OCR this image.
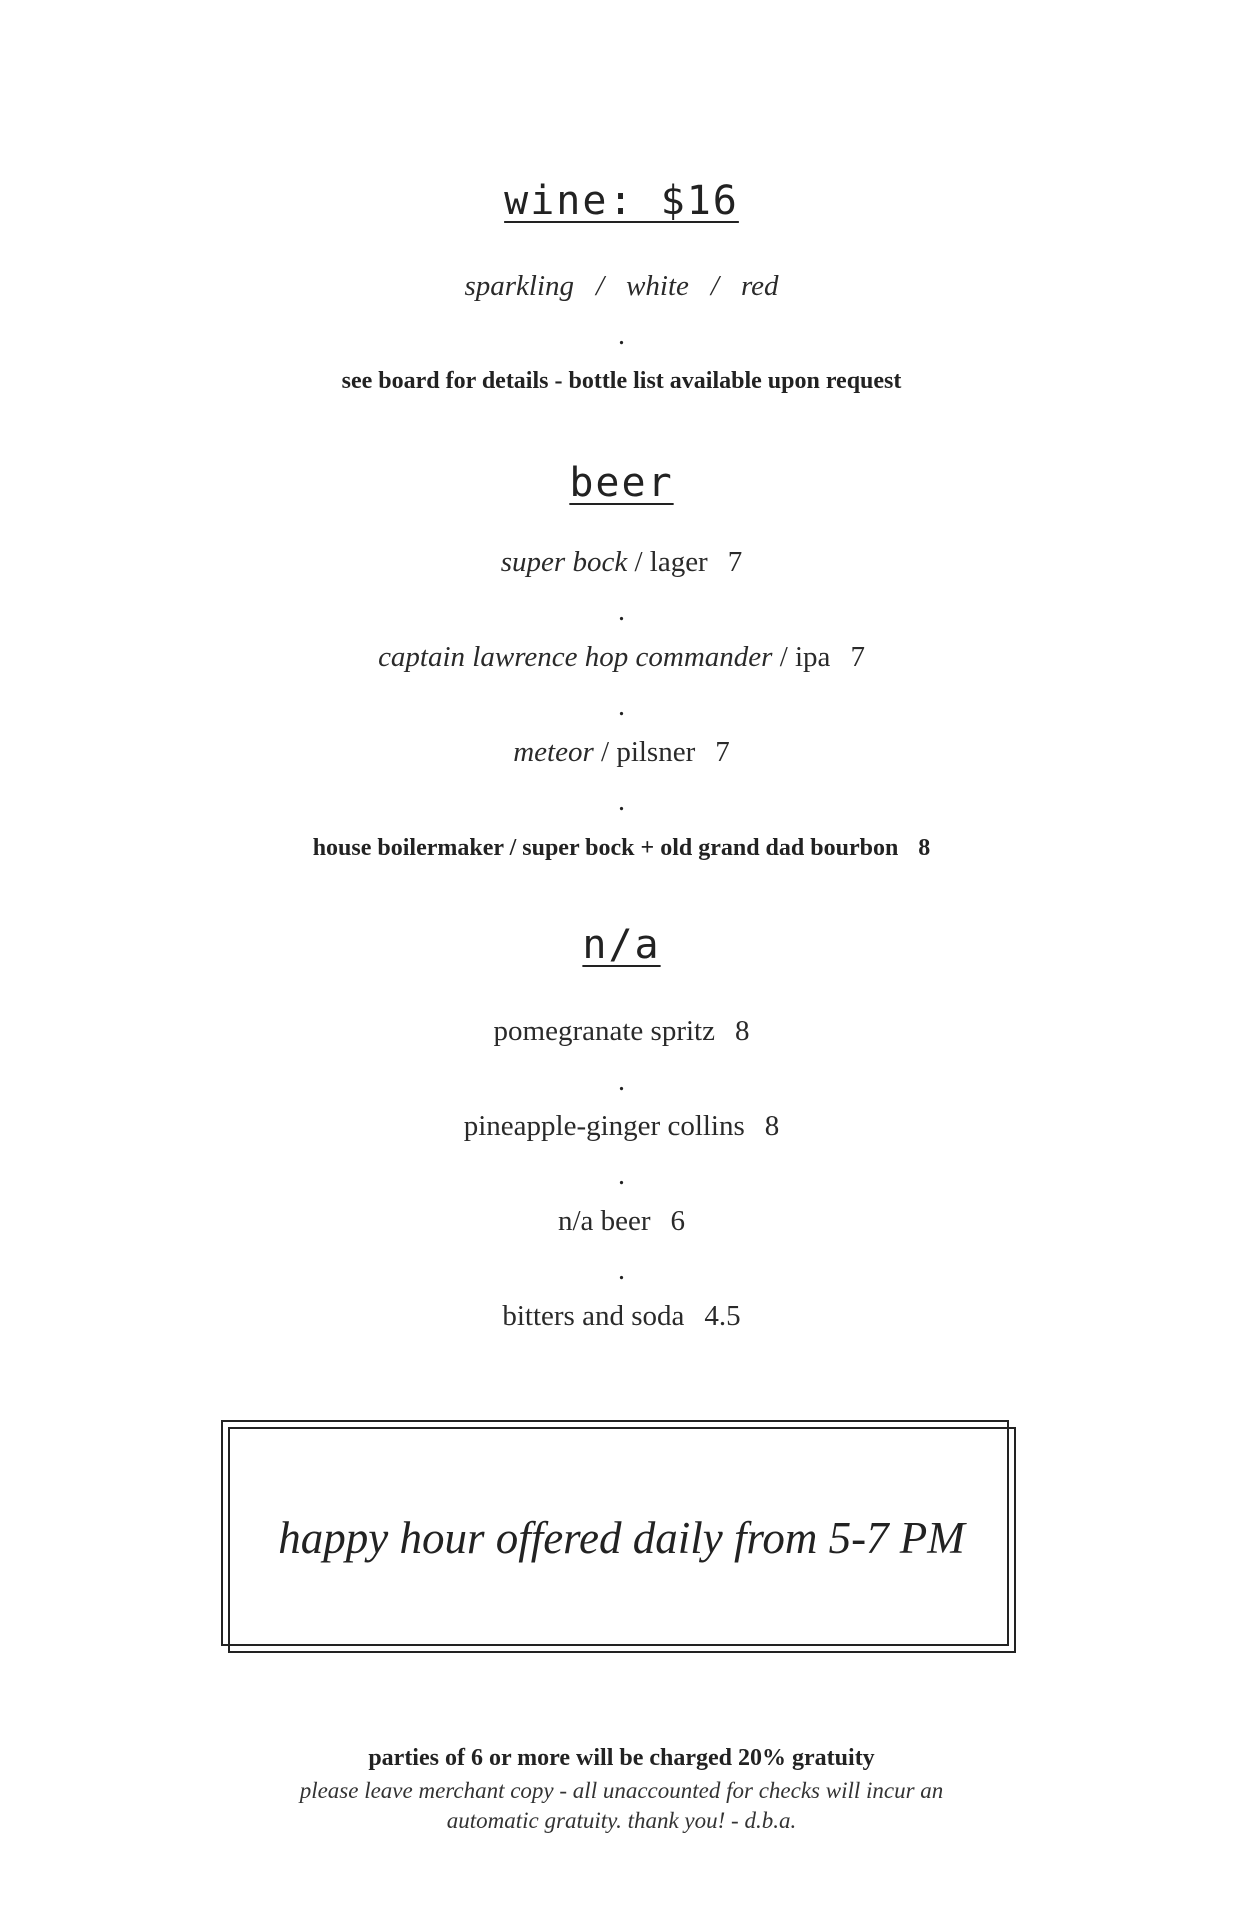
wine: $16
sparkling / white / red
.
see board for details - bottle list available upon request
beer
super bock / lager 7
.
captain lawrence hop commander / ipa 7
.
meteor / pilsner 7
.
house boilermaker / super bock + old grand dad bourbon 8
n/a
pomegranate spritz 8
.
pineapple-ginger collins 8
.
n/a beer 6
.
bitters and soda 4.5
happy hour offered daily from 5-7 PM
parties of 6 or more will be charged 20% gratuity
please leave merchant copy - all unaccounted for checks will incur an
automatic gratuity. thank you! - d.b.a.
